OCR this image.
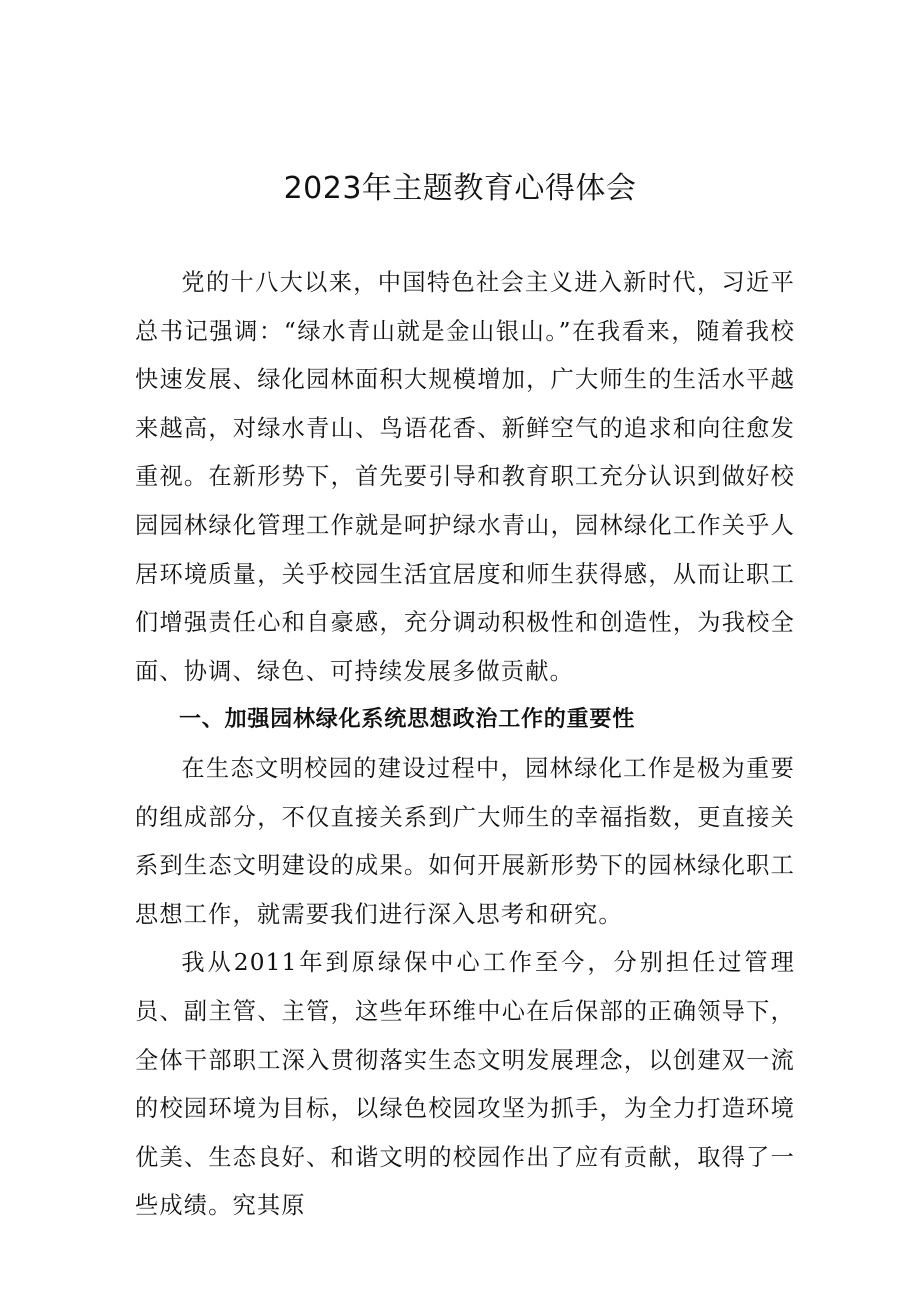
2023年主题教育心得体会

党的十八大以来，中国特色社会主义进入新时代，习近平总书记强调：“绿水青山就是金山银山。”在我看来，随着我校快速发展、绿化园林面积大规模增加，广大师生的生活水平越来越高，对绿水青山、鸟语花香、新鲜空气的追求和向往愈发重视。在新形势下，首先要引导和教育职工充分认识到做好校园园林绿化管理工作就是呵护绿水青山，园林绿化工作关乎人居环境质量，关乎校园生活宜居度和师生获得感，从而让职工们增强责任心和自豪感，充分调动积极性和创造性，为我校全面、协调、绿色、可持续发展多做贡献。

一、加强园林绿化系统思想政治工作的重要性

在生态文明校园的建设过程中，园林绿化工作是极为重要的组成部分，不仅直接关系到广大师生的幸福指数，更直接关系到生态文明建设的成果。如何开展新形势下的园林绿化职工思想工作，就需要我们进行深入思考和研究。

我从2011年到原绿保中心工作至今，分别担任过管理员、副主管、主管，这些年环维中心在后保部的正确领导下，全体干部职工深入贯彻落实生态文明发展理念，以创建双一流的校园环境为目标，以绿色校园攻坚为抓手，为全力打造环境优美、生态良好、和谐文明的校园作出了应有贡献，取得了一些成绩。究其原
